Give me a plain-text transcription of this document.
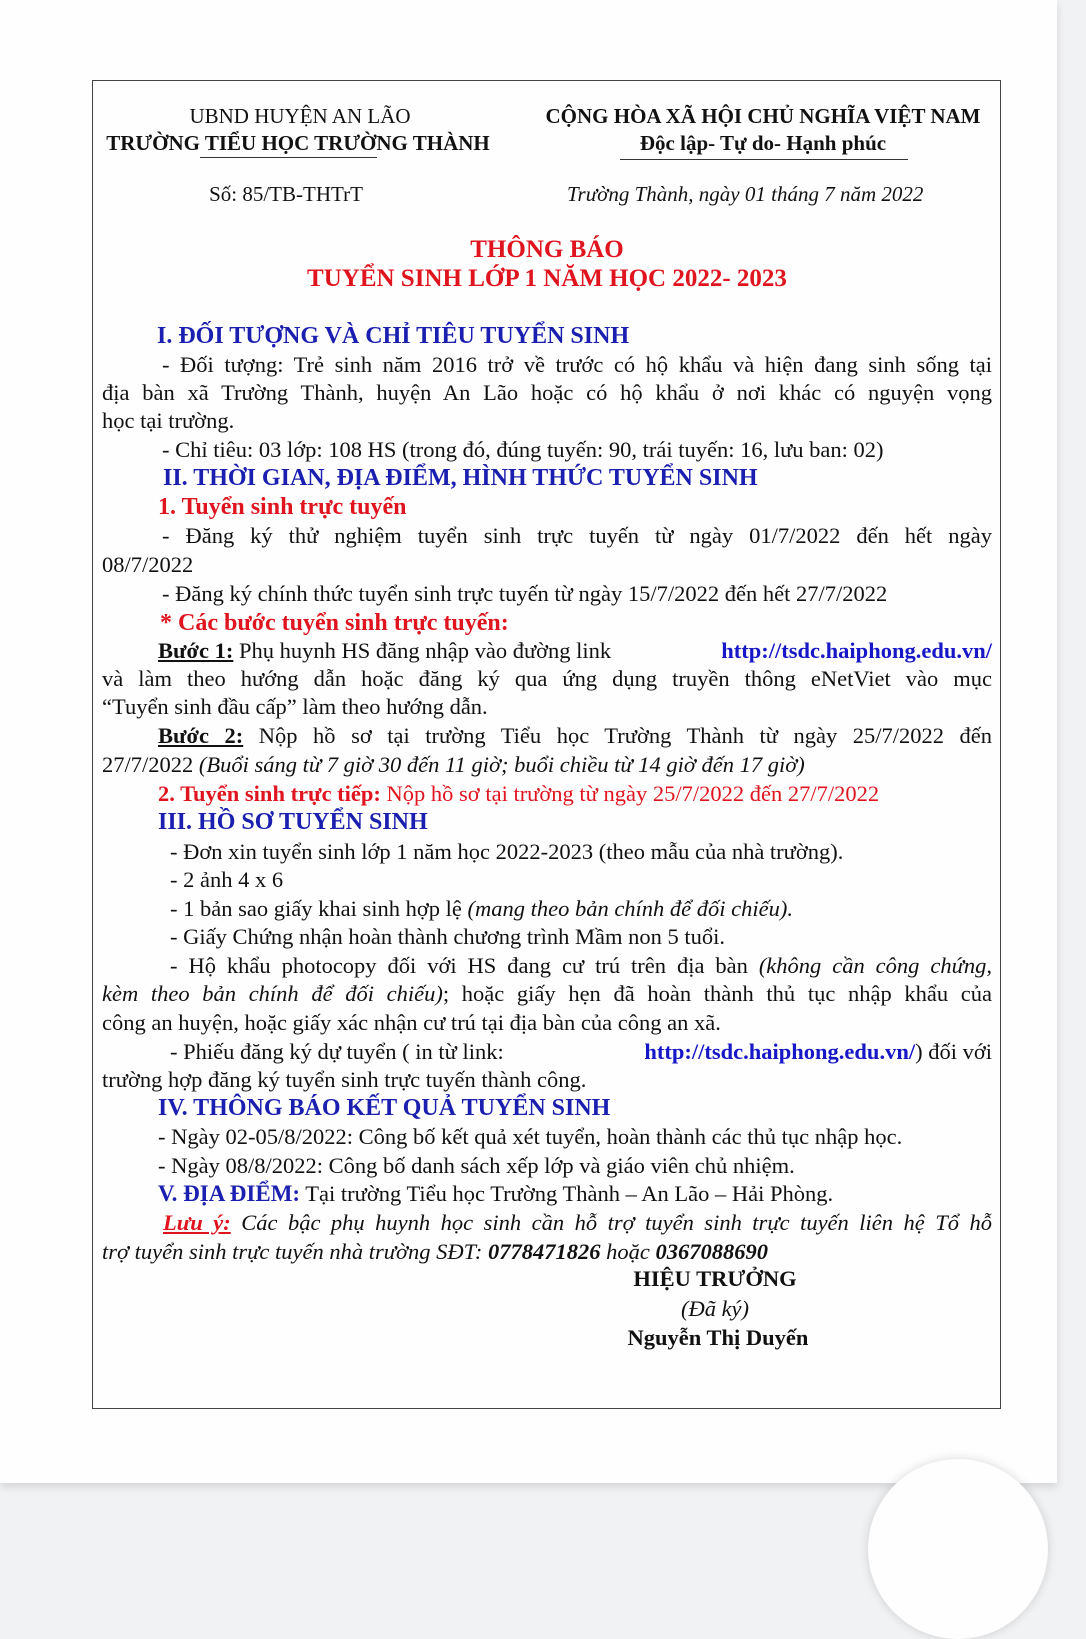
UBND HUYỆN AN LÃO
TRƯỜNG TIỂU HỌC TRƯỜNG THÀNH
CỘNG HÒA XÃ HỘI CHỦ NGHĨA VIỆT NAM
Độc lập- Tự do- Hạnh phúc
Số: 85/TB-THTrT	Trường Thành, ngày 01 tháng 7 năm 2022
THÔNG BÁO
TUYỂN SINH LỚP 1 NĂM HỌC 2022- 2023
I. ĐỐI TƯỢNG VÀ CHỈ TIÊU TUYỂN SINH
- Đối tượng: Trẻ sinh năm 2016 trở về trước có hộ khẩu và hiện đang sinh sống tại
địa bàn xã Trường Thành, huyện An Lão hoặc có hộ khẩu ở nơi khác có nguyện vọng
học tại trường.
- Chỉ tiêu: 03 lớp: 108 HS (trong đó, đúng tuyến: 90, trái tuyến: 16, lưu ban: 02)
II. THỜI GIAN, ĐỊA ĐIỂM, HÌNH THỨC TUYỂN SINH
1. Tuyển sinh trực tuyến
- Đăng ký thử nghiệm tuyển sinh trực tuyến từ ngày 01/7/2022 đến hết ngày
08/7/2022
- Đăng ký chính thức tuyển sinh trực tuyến từ ngày 15/7/2022 đến hết 27/7/2022
* Các bước tuyển sinh trực tuyến:
Bước 1: Phụ huynh HS đăng nhập vào đường link	http://tsdc.haiphong.edu.vn/
và làm theo hướng dẫn hoặc đăng ký qua ứng dụng truyền thông eNetViet vào mục
“Tuyển sinh đầu cấp” làm theo hướng dẫn.
Bước 2: Nộp hồ sơ tại trường Tiểu học Trường Thành từ ngày 25/7/2022 đến
27/7/2022 (Buổi sáng từ 7 giờ 30 đến 11 giờ; buổi chiều từ 14 giờ đến 17 giờ)
2. Tuyển sinh trực tiếp: Nộp hồ sơ tại trường từ ngày 25/7/2022 đến 27/7/2022
III. HỒ SƠ TUYỂN SINH
- Đơn xin tuyển sinh lớp 1 năm học 2022-2023 (theo mẫu của nhà trường).
- 2 ảnh 4 x 6
- 1 bản sao giấy khai sinh hợp lệ (mang theo bản chính để đối chiếu).
- Giấy Chứng nhận hoàn thành chương trình Mầm non 5 tuổi.
- Hộ khẩu photocopy đối với HS đang cư trú trên địa bàn (không cần công chứng,
kèm theo bản chính để đối chiếu); hoặc giấy hẹn đã hoàn thành thủ tục nhập khẩu của
công an huyện, hoặc giấy xác nhận cư trú tại địa bàn của công an xã.
- Phiếu đăng ký dự tuyển ( in từ link:	http://tsdc.haiphong.edu.vn/) đối với
trường hợp đăng ký tuyển sinh trực tuyến thành công.
IV. THÔNG BÁO KẾT QUẢ TUYỂN SINH
- Ngày 02-05/8/2022: Công bố kết quả xét tuyển, hoàn thành các thủ tục nhập học.
- Ngày 08/8/2022: Công bố danh sách xếp lớp và giáo viên chủ nhiệm.
V. ĐỊA ĐIỂM: Tại trường Tiểu học Trường Thành – An Lão – Hải Phòng.
Lưu ý: Các bậc phụ huynh học sinh cần hỗ trợ tuyển sinh trực tuyến liên hệ Tổ hỗ
trợ tuyển sinh trực tuyến nhà trường SĐT: 0778471826 hoặc 0367088690
HIỆU TRƯỞNG
(Đã ký)
Nguyễn Thị Duyến
